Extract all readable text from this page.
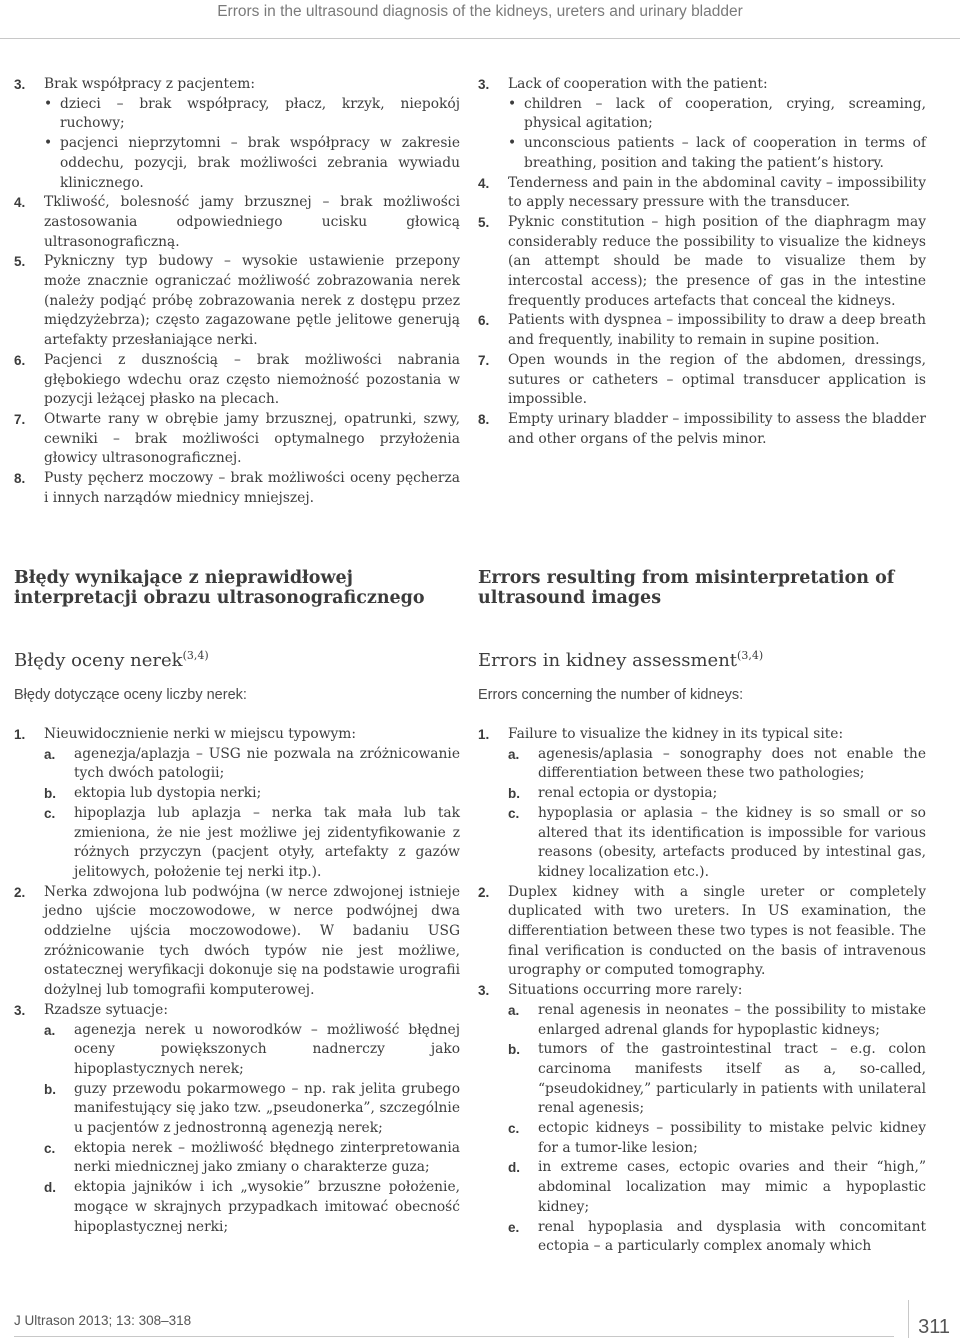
Errors in the ultrasound diagnosis of the kidneys, ureters and urinary bladder
3. Brak współpracy z pacjentem:
• dzieci – brak współpracy, płacz, krzyk, niepokój ruchowy;
• pacjenci nieprzytomni – brak współpracy w zakresie oddechu, pozycji, brak możliwości zebrania wywiadu klinicznego.
4. Tkliwość, bolesność jamy brzusznej – brak możliwości zastosowania odpowiedniego ucisku głowicą ultrasonograficzną.
5. Pykniczny typ budowy – wysokie ustawienie przepony może znacznie ograniczać możliwość zobrazowania nerek (należy podjąć próbę zobrazowania nerek z dostępu przez międzyżebrza); często zagazowane pętle jelitowe generują artefakty przesłaniające nerki.
6. Pacjenci z dusznością – brak możliwości nabrania głębokiego wdechu oraz często niemożność pozostania w pozycji leżącej płasko na plecach.
7. Otwarte rany w obrębie jamy brzusznej, opatrunki, szwy, cewniki – brak możliwości optymalnego przyłożenia głowicy ultrasonograficznej.
8. Pusty pęcherz moczowy – brak możliwości oceny pęcherza i innych narządów miednicy mniejszej.
3. Lack of cooperation with the patient:
• children – lack of cooperation, crying, screaming, physical agitation;
• unconscious patients – lack of cooperation in terms of breathing, position and taking the patient’s history.
4. Tenderness and pain in the abdominal cavity – impossibility to apply necessary pressure with the transducer.
5. Pyknic constitution – high position of the diaphragm may considerably reduce the possibility to visualize the kidneys (an attempt should be made to visualize them by intercostal access); the presence of gas in the intestine frequently produces artefacts that conceal the kidneys.
6. Patients with dyspnea – impossibility to draw a deep breath and frequently, inability to remain in supine position.
7. Open wounds in the region of the abdomen, dressings, sutures or catheters – optimal transducer application is impossible.
8. Empty urinary bladder – impossibility to assess the bladder and other organs of the pelvis minor.
Błędy wynikające z nieprawidłowej interpretacji obrazu ultrasonograficznego
Errors resulting from misinterpretation of ultrasound images
Błędy oceny nerek$^{(3,4)}$	Errors in kidney assessment$^{(3,4)}$

Błędy dotyczące oceny liczby nerek:	Errors concerning the number of kidneys:

1. Nieuwidocznienie nerki w miejscu typowym:
a. agenezja/aplazja – USG nie pozwala na zróżnicowanie tych dwóch patologii;
b. ektopia lub dystopia nerki;
c. hipoplazja lub aplazja – nerka tak mała lub tak zmieniona, że nie jest możliwe jej zidentyfikowanie z różnych przyczyn (pacjent otyły, artefakty z gazów jelitowych, położenie tej nerki itp.).
2. Nerka zdwojona lub podwójna (w nerce zdwojonej istnieje jedno ujście moczowodowe, w nerce podwójnej dwa oddzielne ujścia moczowodowe). W badaniu USG zróżnicowanie tych dwóch typów nie jest możliwe, ostatecznej weryfikacji dokonuje się na podstawie urografii dożylnej lub tomografii komputerowej.
3. Rzadsze sytuacje:
a. agenezja nerek u noworodków – możliwość błędnej oceny powiększonych nadnerczy jako hipoplastycznych nerek;
b. guzy przewodu pokarmowego – np. rak jelita grubego manifestujący się jako tzw. „pseudonerka”, szczególnie u pacjentów z jednostronną agenezją nerek;
c. ektopia nerek – możliwość błędnego zinterpretowania nerki miednicznej jako zmiany o charakterze guza;
d. ektopia jajników i ich „wysokie” brzuszne położenie, mogące w skrajnych przypadkach imitować obecność hipoplastycznej nerki;
1. Failure to visualize the kidney in its typical site:
a. agenesis/aplasia – sonography does not enable the differentiation between these two pathologies;
b. renal ectopia or dystopia;
c. hypoplasia or aplasia – the kidney is so small or so altered that its identification is impossible for various reasons (obesity, artefacts produced by intestinal gas, kidney localization etc.).
2. Duplex kidney with a single ureter or completely duplicated with two ureters. In US examination, the differentiation between these two types is not feasible. The final verification is conducted on the basis of intravenous urography or computed tomography.
3. Situations occurring more rarely:
a. renal agenesis in neonates – the possibility to mistake enlarged adrenal glands for hypoplastic kidneys;
b. tumors of the gastrointestinal tract – e.g. colon carcinoma manifests itself as a, so-called, “pseudokidney,” particularly in patients with unilateral renal agenesis;
c. ectopic kidneys – possibility to mistake pelvic kidney for a tumor-like lesion;
d. in extreme cases, ectopic ovaries and their “high,” abdominal localization may mimic a hypoplastic kidney;
e. renal hypoplasia and dysplasia with concomitant ectopia – a particularly complex anomaly which
J Ultrason 2013; 13: 308–318	311
